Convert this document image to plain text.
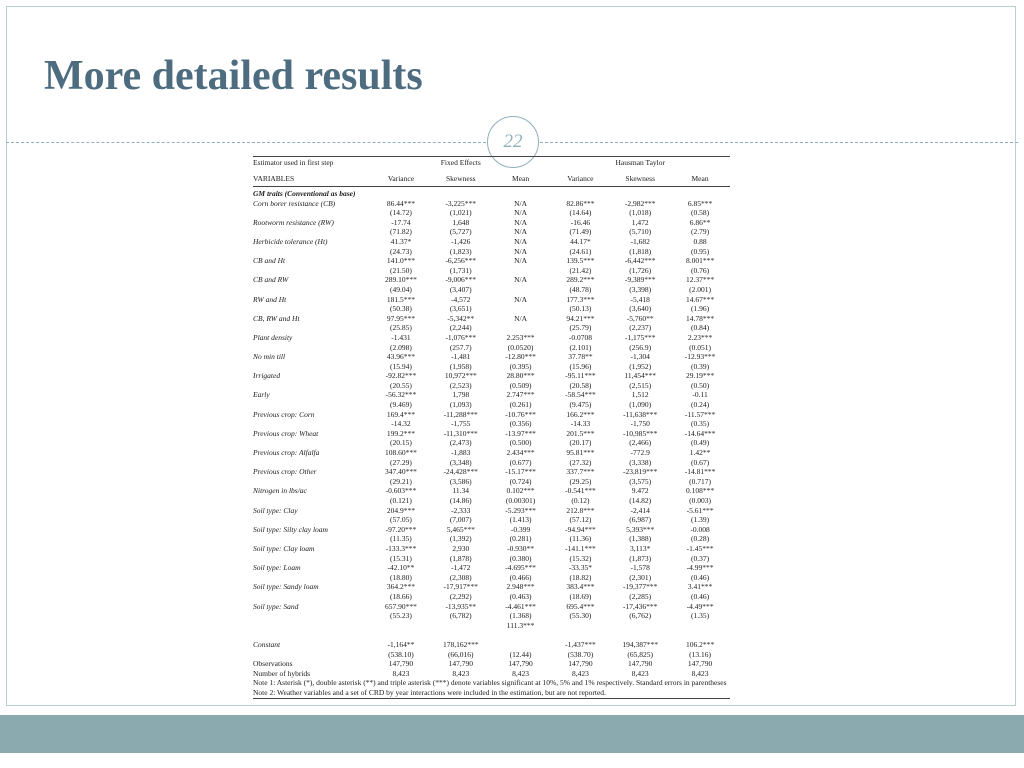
More detailed results
22
Estimator used in first step	Fixed Effects			Hausman Taylor		
VARIABLES	Variance	Skewness	Mean	Variance	Skewness	Mean
GM traits (Conventional as base)						
Corn borer resistance (CB)	86.44***	-3,225***	N/A	82.86***	-2,982***	6.85***
	(14.72)	(1,021)	N/A	(14.64)	(1,018)	(0.58)
Rootworm resistance (RW)	-17.74	1,648	N/A	-16.46	1,472	6.86**
	(71.82)	(5,727)	N/A	(71.49)	(5,710)	(2.79)
Herbicide tolerance (Ht)	41.37*	-1,426	N/A	44.17*	-1,682	0.88
	(24.73)	(1,823)	N/A	(24.61)	(1,818)	(0.95)
CB and Ht	141.0***	-6,256***	N/A	139.5***	-6,442***	8.001***
	(21.50)	(1,731)		(21.42)	(1,726)	(0.76)
CB and RW	289.10***	-9,006***	N/A	289.2***	-9,389***	12.37***
	(49.04)	(3,407)		(48.78)	(3,398)	(2.001)
RW and Ht	181.5***	-4,572	N/A	177.3***	-5,418	14.67***
	(50.38)	(3,651)		(50.13)	(3,640)	(1.96)
CB, RW and Ht	97.95***	-5,342**	N/A	94.21***	-5,760**	14.78***
	(25.85)	(2,244)		(25.79)	(2,237)	(0.84)
Plant density	-1.431	-1,076***	2.253***	-0.0708	-1,175***	2.23***
	(2.098)	(257.7)	(0.0520)	(2.101)	(256.9)	(0.051)
No min till	43.96***	-1,481	-12.80***	37.78**	-1,304	-12.93***
	(15.94)	(1,958)	(0.395)	(15.96)	(1,952)	(0.39)
Irrigated	-92.82***	10,972***	28.80***	-95.11***	11,454***	29.19***
	(20.55)	(2,523)	(0.509)	(20.58)	(2,515)	(0.50)
Early	-56.32***	1,798	2.747***	-58.54***	1,512	-0.11
	(9.469)	(1,093)	(0.261)	(9.475)	(1,090)	(0.24)
Previous crop: Corn	169.4***	-11,288***	-10.76***	166.2***	-11,638***	-11.57***
	-14.32	-1,755	(0.356)	-14.33	-1,750	(0.35)
Previous crop: Wheat	199.2***	-11,310***	-13.97***	201.5***	-10,985***	-14.64***
	(20.15)	(2,473)	(0.500)	(20.17)	(2,466)	(0.49)
Previous crop: Alfalfa	108.60***	-1,883	2.434***	95.81***	-772.9	1.42**
	(27.29)	(3,348)	(0.677)	(27.32)	(3,338)	(0.67)
Previous crop: Other	347.40***	-24,428***	-15.17***	337.7***	-23,819***	-14.81***
	(29.21)	(3,586)	(0.724)	(29.25)	(3,575)	(0.717)
Nitrogen in lbs/ac	-0.603***	11.34	0.102***	-0.541***	9.472	0.108***
	(0.121)	(14.86)	(0.00301)	(0.12)	(14.82)	(0.003)
Soil type: Clay	204.9***	-2,333	-5.293***	212.8***	-2,414	-5.61***
	(57.05)	(7,007)	(1.413)	(57.12)	(6,987)	(1.39)
Soil type: Silty clay loam	-97.20***	5,465***	-0.399	-94.94***	5,393***	-0.008
	(11.35)	(1,392)	(0.281)	(11.36)	(1,388)	(0.28)
Soil type: Clay loam	-133.3***	2,930	-0.930**	-141.1***	3,113*	-1.45***
	(15.31)	(1,878)	(0.380)	(15.32)	(1,873)	(0.37)
Soil type: Loam	-42.10**	-1,472	-4.695***	-33.35*	-1,578	-4.99***
	(18.80)	(2,308)	(0.466)	(18.82)	(2,301)	(0.46)
Soil type: Sandy loam	364.2***	-17,917***	2.948***	383.4***	-19,377***	3.41***
	(18.66)	(2,292)	(0.463)	(18.69)	(2,285)	(0.46)
Soil type: Sand	657.90***	-13,935**	-4.461***	695.4***	-17,436***	-4.49***
	(55.23)	(6,782)	(1.368)	(55.30)	(6,762)	(1.35)
			111.3***			

Constant	-1,164**	178,162***		-1,437***	194,387***	106.2***
	(538.10)	(66,016)	(12.44)	(538.70)	(65,825)	(13.16)
Observations	147,790	147,790	147,790	147,790	147,790	147,790
Number of hybrids	8,423	8,423	8,423	8,423	8,423	8,423
Note 1: Asterisk (*), double asterisk (**) and triple asterisk (***) denote variables significant at 10%, 5% and 1% respectively. Standard errors in parentheses						
Note 2: Weather variables and a set of CRD by year interactions were included in the estimation, but are not reported.						
